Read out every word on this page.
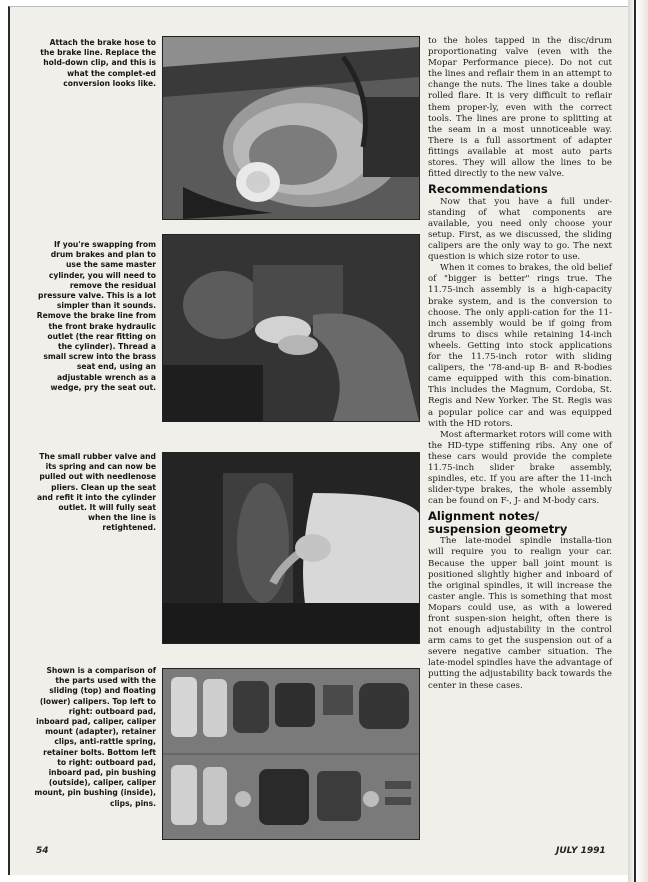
Attach the brake hose to the brake line. Replace the hold-down clip, and this is what the complet-ed conversion looks like.
If you're swapping from drum brakes and plan to use the same master cylinder, you will need to remove the residual pressure valve. This is a lot simpler than it sounds. Remove the brake line from the front brake hydraulic outlet (the rear fitting on the cylinder). Thread a small screw into the brass seat end, using an adjustable wrench as a wedge, pry the seat out.
The small rubber valve and its spring and can now be pulled out with needlenose pliers. Clean up the seat and refit it into the cylinder outlet. It will fully seat when the line is retightened.
Shown is a comparison of the parts used with the sliding (top) and floating (lower) calipers. Top left to right: outboard pad, inboard pad, caliper, caliper mount (adapter), retainer clips, anti-rattle spring, retainer bolts. Bottom left to right: outboard pad, inboard pad, pin bushing (outside), caliper, caliper mount, pin bushing (inside), clips, pins.

to the holes tapped in the disc/drum proportionating valve (even with the Mopar Performance piece). Do not cut the lines and reflair them in an attempt to change the nuts. The lines take a double rolled flare. It is very difficult to reflair them proper-ly, even with the correct tools. The lines are prone to splitting at the seam in a most unnoticeable way. There is a full assortment of adapter fittings available at most auto parts stores. They will allow the lines to be fitted directly to the new valve.

Recommendations

Now that you have a full under-standing of what components are available, you need only choose your setup. First, as we discussed, the sliding calipers are the only way to go. The next question is which size rotor to use.

When it comes to brakes, the old belief of "bigger is better" rings true. The 11.75-inch assembly is a high-capacity brake system, and is the conversion to choose. The only appli-cation for the 11-inch assembly would be if going from drums to discs while retaining 14-inch wheels. Getting into stock applications for the 11.75-inch rotor with sliding calipers, the '78-and-up B- and R-bodies came equipped with this com-bination. This includes the Magnum, Cordoba, St. Regis and New Yorker. The St. Regis was a popular police car and was equipped with the HD rotors.

Most aftermarket rotors will come with the HD-type stiffening ribs. Any one of these cars would provide the complete 11.75-inch slider brake assembly, spindles, etc. If you are after the 11-inch slider-type brakes, the whole assembly can be found on F-, J- and M-body cars.

Alignment notes/ suspension geometry

The late-model spindle installa-tion will require you to realign your car. Because the upper ball joint mount is positioned slightly higher and inboard of the original spindles, it will increase the caster angle. This is something that most Mopars could use, as with a lowered front suspen-sion height, often there is not enough adjustability in the control arm cams to get the suspension out of a severe negative camber situation. The late-model spindles have the advantage of putting the adjustability back towards the center in these cases.

54	JULY 1991
